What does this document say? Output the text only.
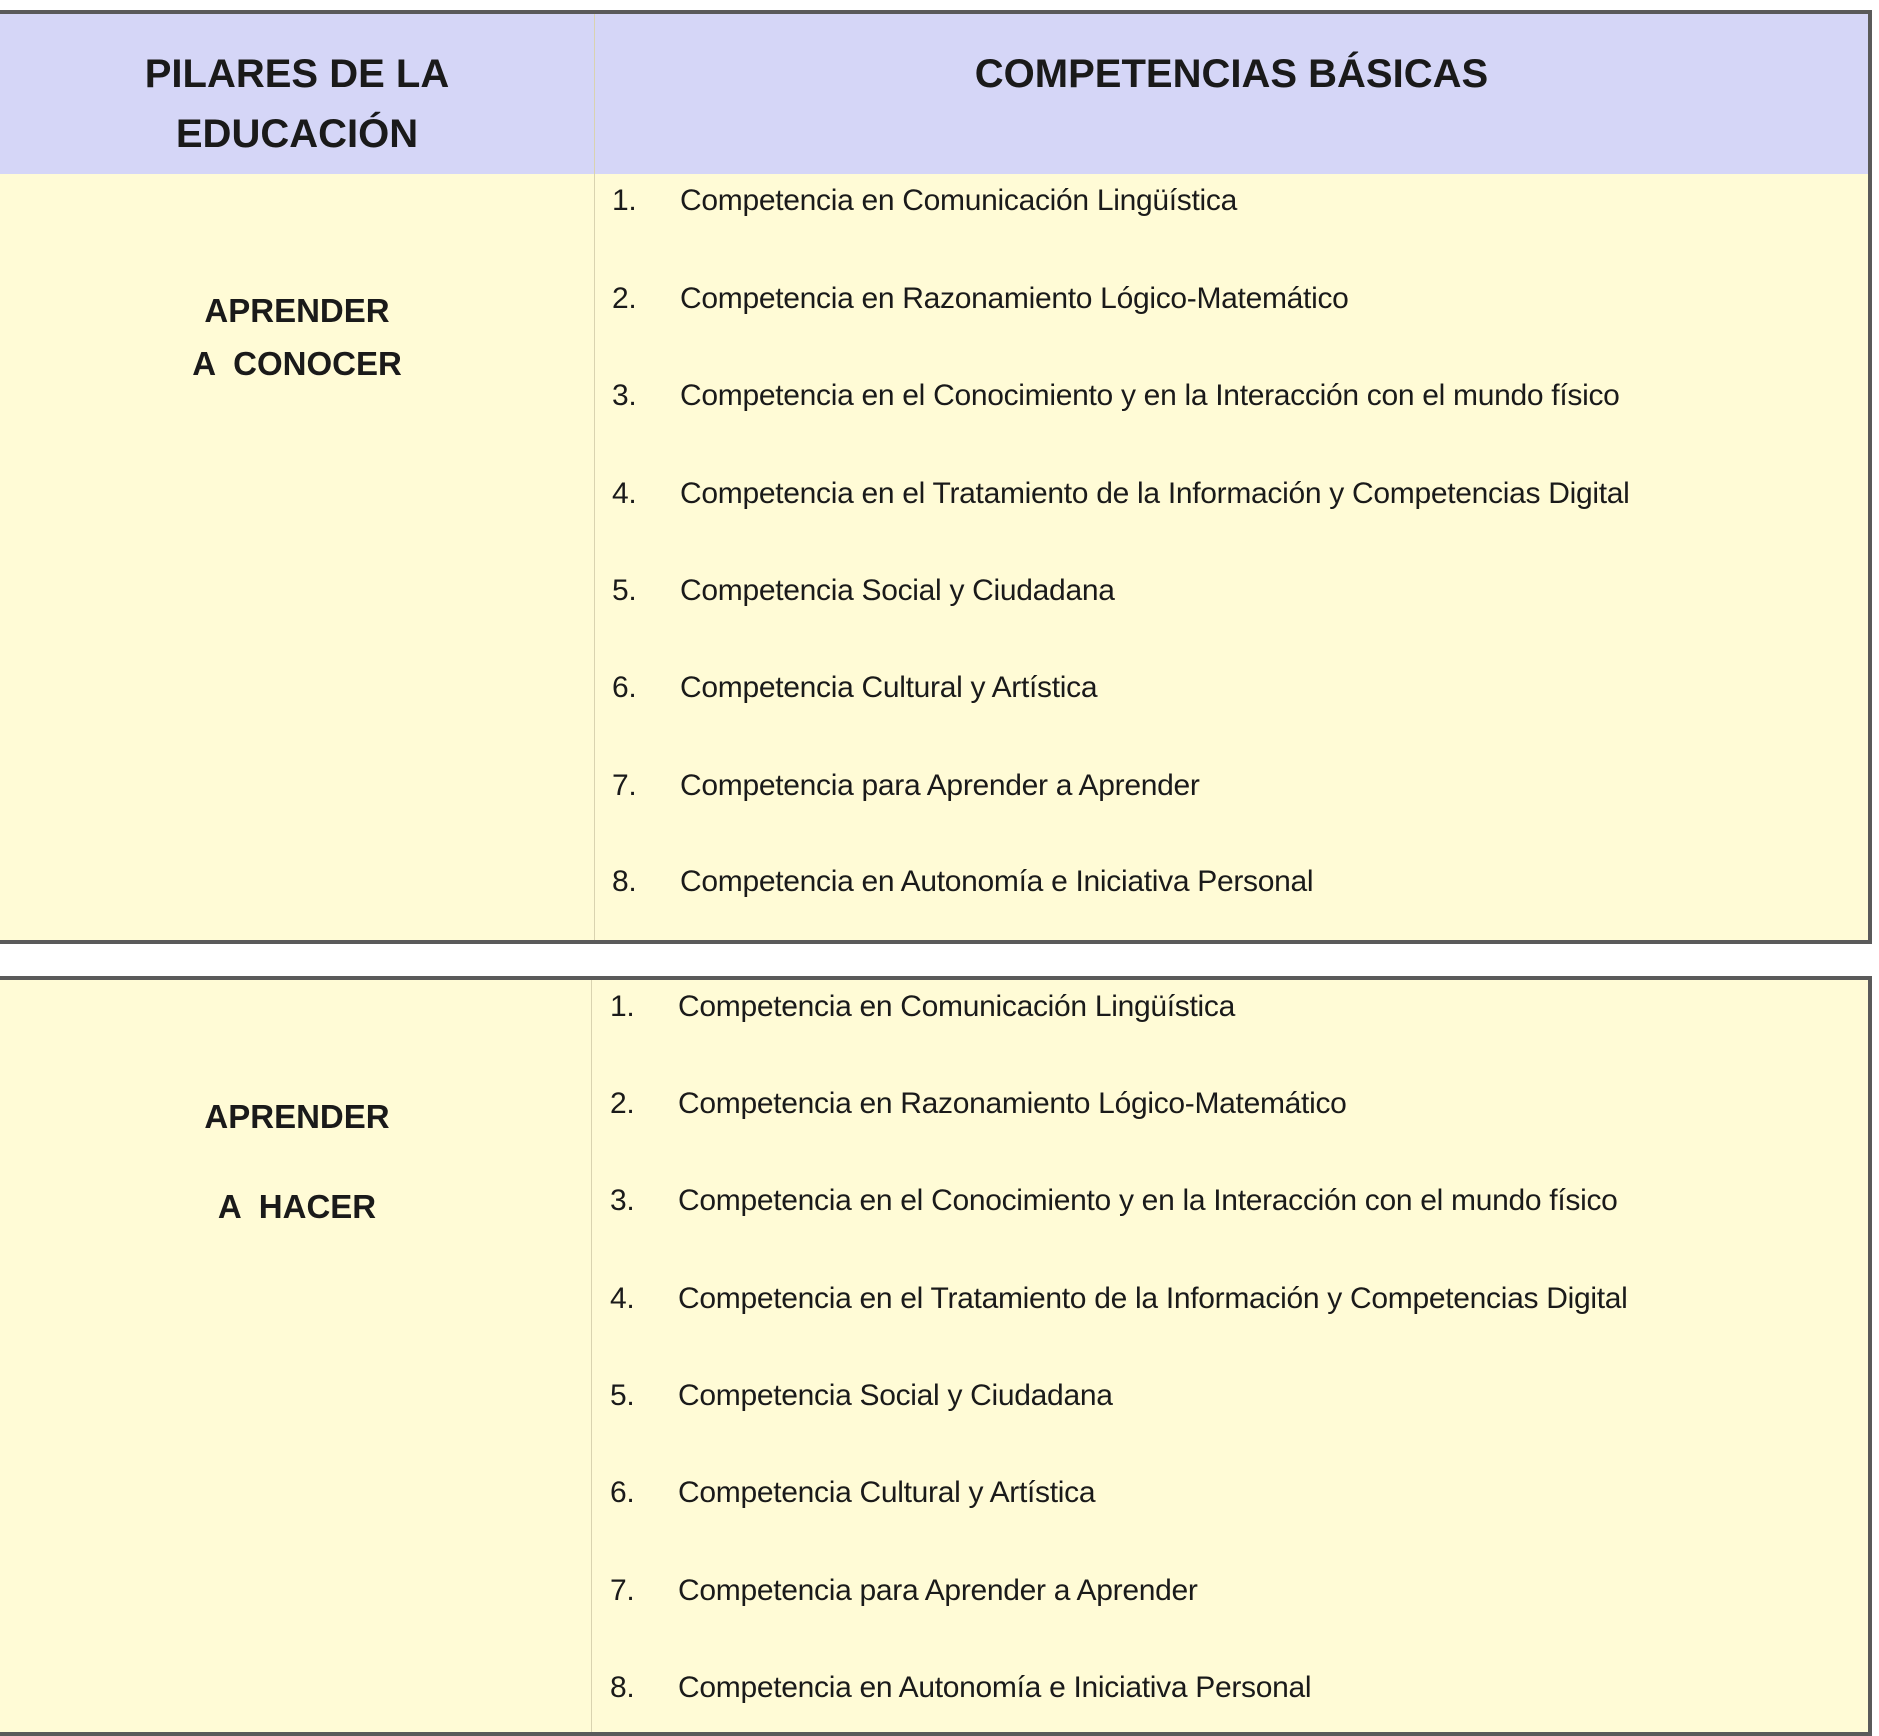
PILARES DE LA
EDUCACIÓN
COMPETENCIAS BÁSICAS
APRENDER
A  CONOCER
1. Competencia en Comunicación Lingüística
2. Competencia en Razonamiento Lógico-Matemático
3. Competencia en el Conocimiento y en la Interacción con el mundo físico
4. Competencia en el Tratamiento de la Información y Competencias Digital
5. Competencia Social y Ciudadana
6. Competencia Cultural y Artística
7. Competencia para Aprender a Aprender
8. Competencia en Autonomía e Iniciativa Personal
APRENDER
A  HACER
1. Competencia en Comunicación Lingüística
2. Competencia en Razonamiento Lógico-Matemático
3. Competencia en el Conocimiento y en la Interacción con el mundo físico
4. Competencia en el Tratamiento de la Información y Competencias Digital
5. Competencia Social y Ciudadana
6. Competencia Cultural y Artística
7. Competencia para Aprender a Aprender
8. Competencia en Autonomía e Iniciativa Personal
